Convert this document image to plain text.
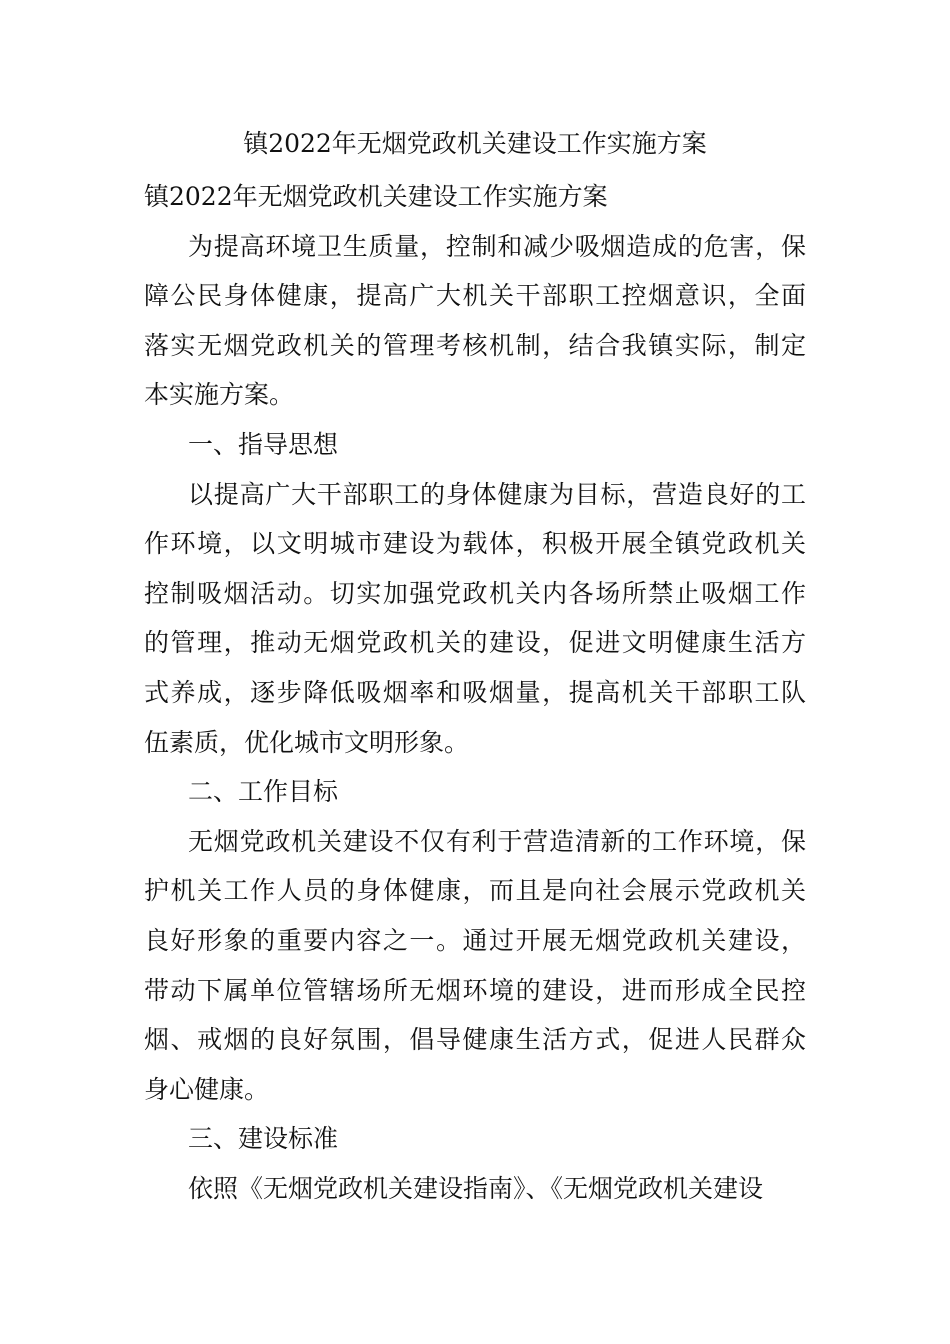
镇2022年无烟党政机关建设工作实施方案

镇2022年无烟党政机关建设工作实施方案

为提高环境卫生质量，控制和减少吸烟造成的危害，保
障公民身体健康，提高广大机关干部职工控烟意识，全面
落实无烟党政机关的管理考核机制，结合我镇实际，制定
本实施方案。

一、指导思想

以提高广大干部职工的身体健康为目标，营造良好的工
作环境，以文明城市建设为载体，积极开展全镇党政机关
控制吸烟活动。切实加强党政机关内各场所禁止吸烟工作
的管理，推动无烟党政机关的建设，促进文明健康生活方
式养成，逐步降低吸烟率和吸烟量，提高机关干部职工队
伍素质，优化城市文明形象。

二、工作目标

无烟党政机关建设不仅有利于营造清新的工作环境，保
护机关工作人员的身体健康，而且是向社会展示党政机关
良好形象的重要内容之一。通过开展无烟党政机关建设，
带动下属单位管辖场所无烟环境的建设，进而形成全民控
烟、戒烟的良好氛围，倡导健康生活方式，促进人民群众
身心健康。

三、建设标准

依照《无烟党政机关建设指南》、《无烟党政机关建设
